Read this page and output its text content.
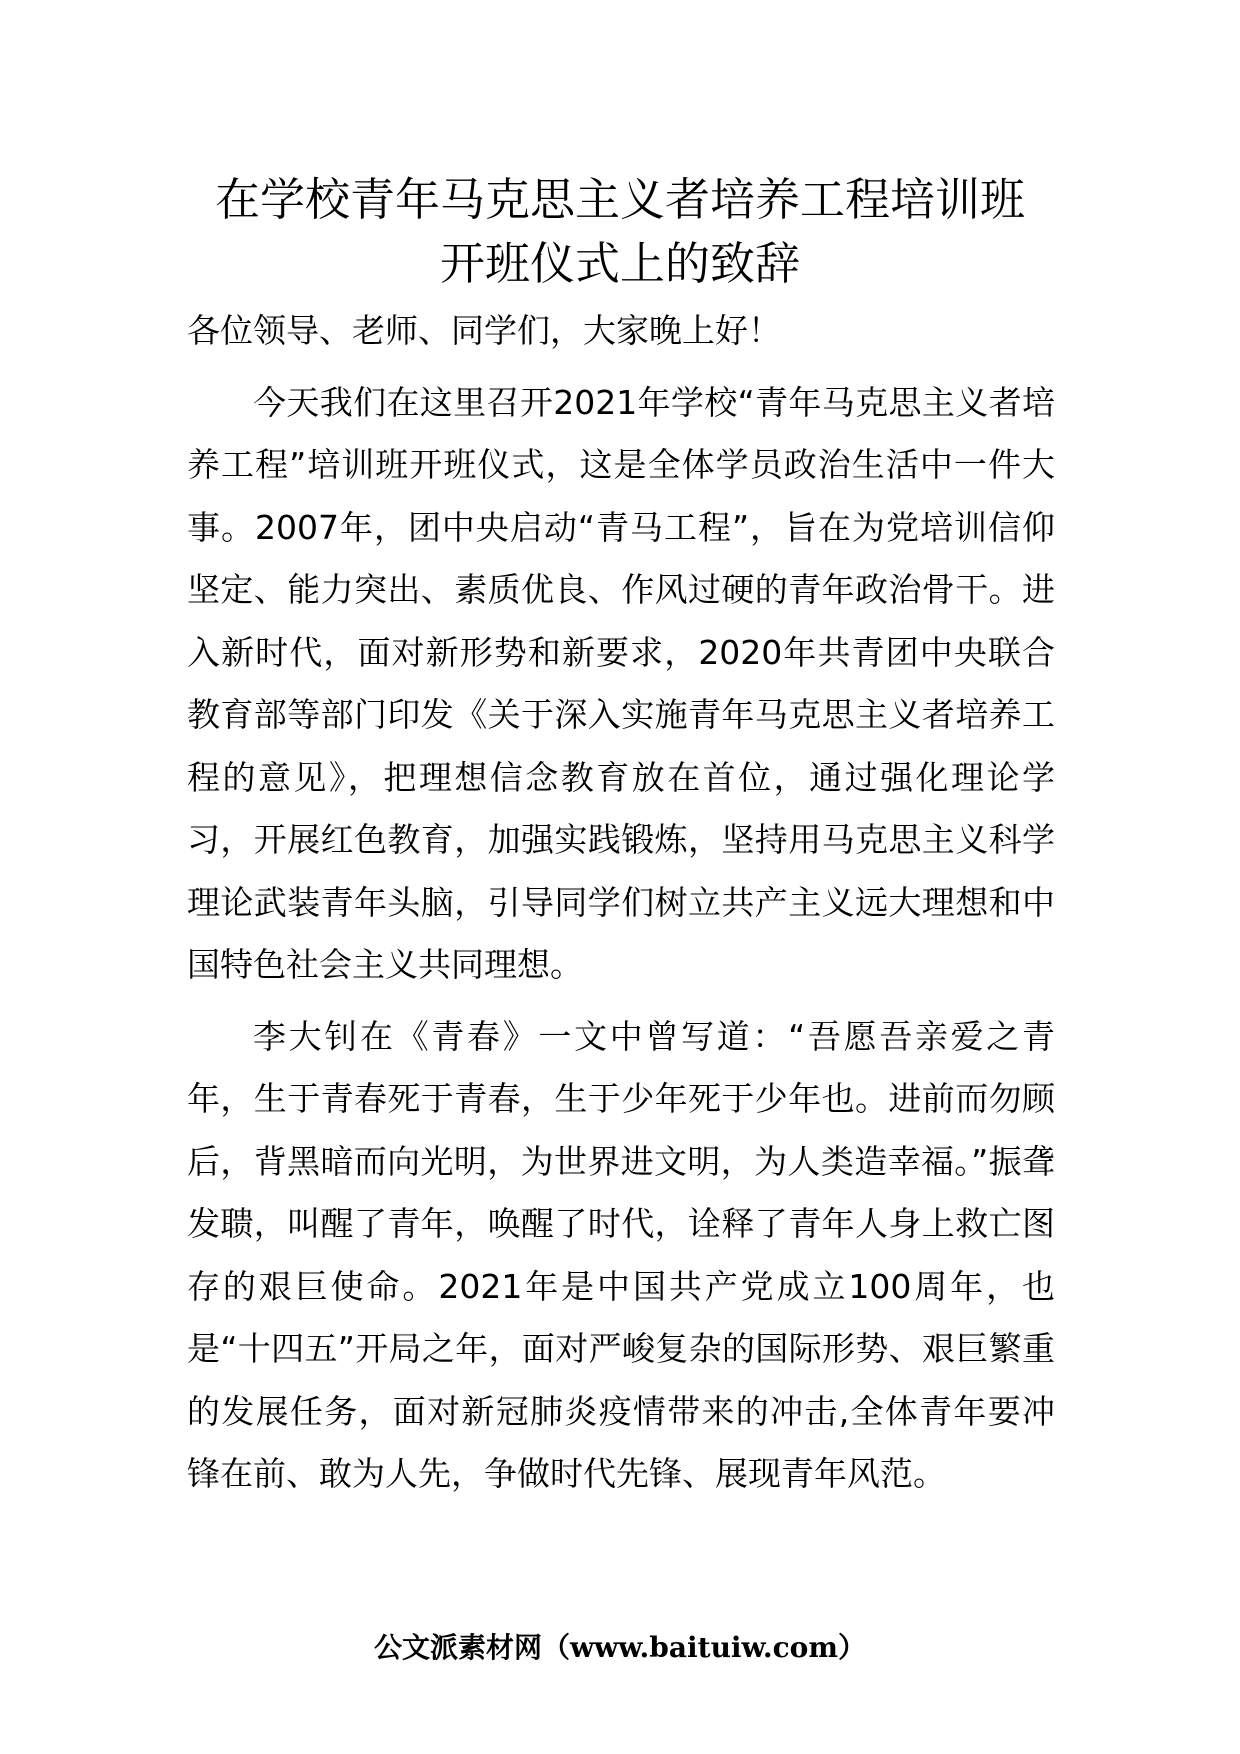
在学校青年马克思主义者培养工程培训班
开班仪式上的致辞

各位领导、老师、同学们，大家晚上好！

今天我们在这里召开2021年学校“青年马克思主义者培养工程”培训班开班仪式，这是全体学员政治生活中一件大事。2007年，团中央启动“青马工程”，旨在为党培训信仰坚定、能力突出、素质优良、作风过硬的青年政治骨干。进入新时代，面对新形势和新要求，2020年共青团中央联合教育部等部门印发《关于深入实施青年马克思主义者培养工程的意见》，把理想信念教育放在首位，通过强化理论学习，开展红色教育，加强实践锻炼，坚持用马克思主义科学理论武装青年头脑，引导同学们树立共产主义远大理想和中国特色社会主义共同理想。

李大钊在《青春》一文中曾写道：“吾愿吾亲爱之青年，生于青春死于青春，生于少年死于少年也。进前而勿顾后，背黑暗而向光明，为世界进文明，为人类造幸福。”振聋发聩，叫醒了青年，唤醒了时代，诠释了青年人身上救亡图存的艰巨使命。2021年是中国共产党成立100周年，也是“十四五”开局之年，面对严峻复杂的国际形势、艰巨繁重的发展任务，面对新冠肺炎疫情带来的冲击,全体青年要冲锋在前、敢为人先，争做时代先锋、展现青年风范。

公文派素材网（www.baituiw.com）
